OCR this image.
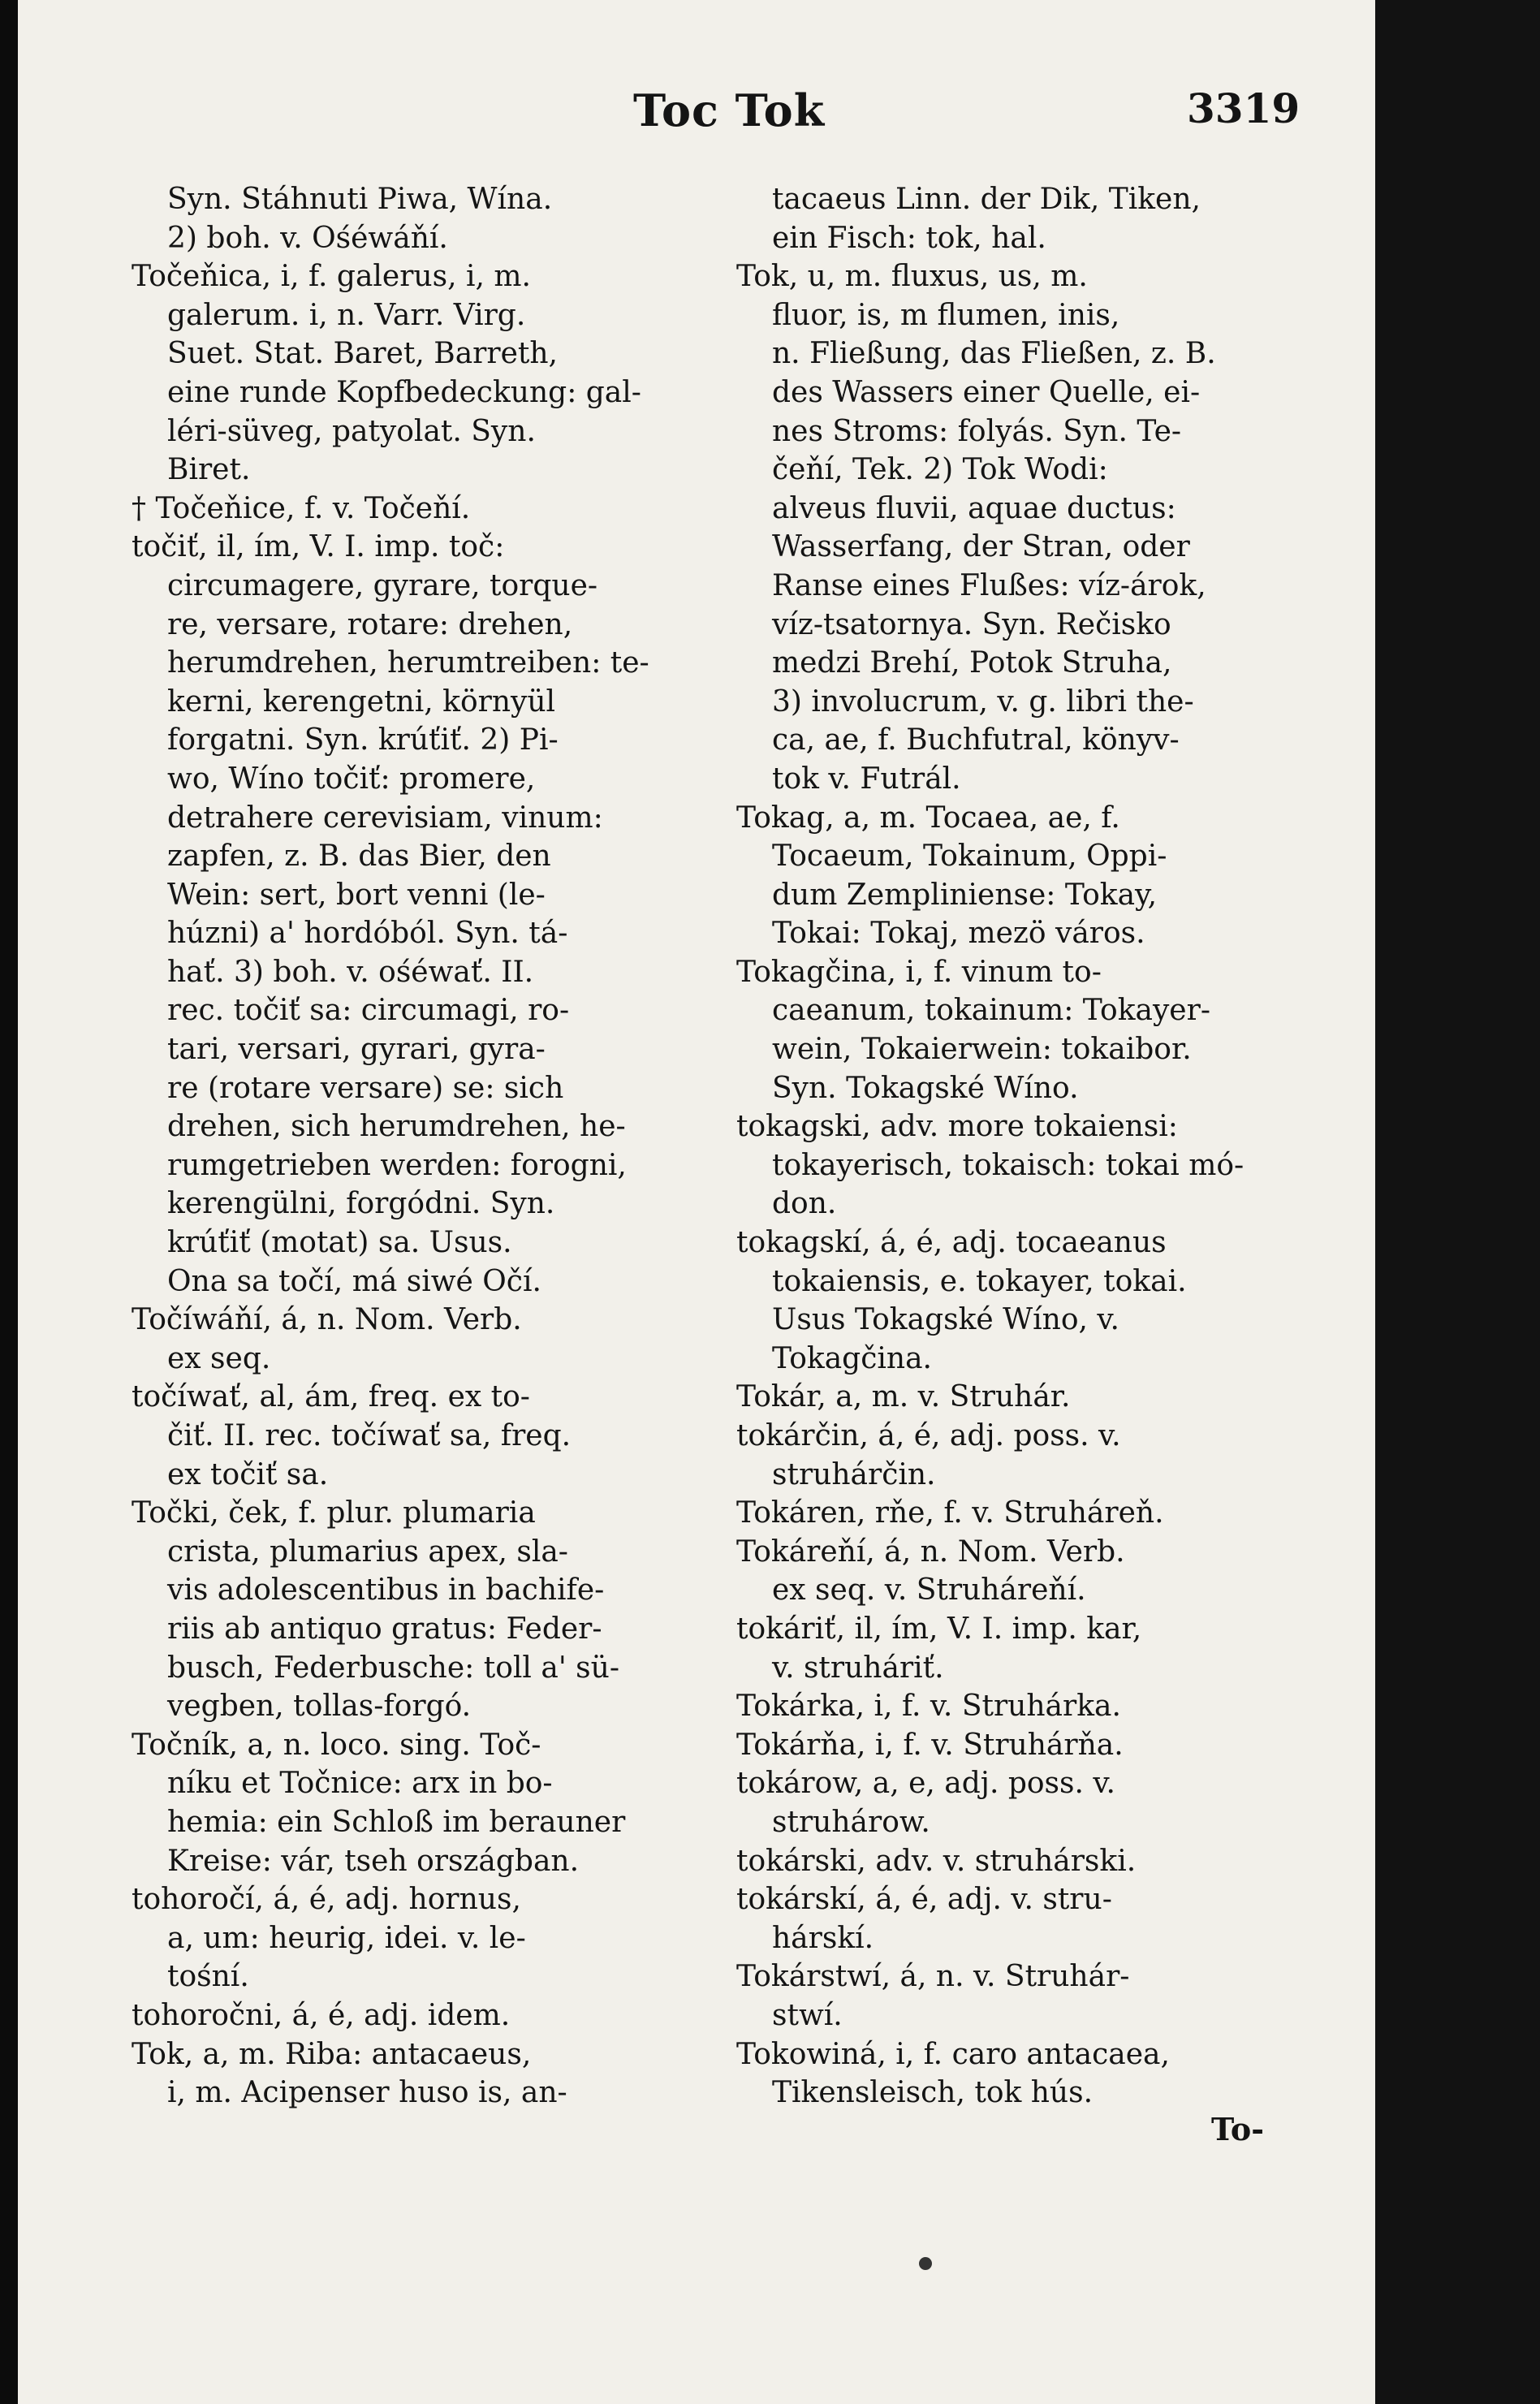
Toc Tok	3319
Syn. Stáhnuti Piwa, Wína.
2) boh. v. Ośéwáňí.
Točeňica, i, f. galerus, i, m.
galerum. i, n. Varr. Virg.
Suet. Stat. Baret, Barreth,
eine runde Kopfbedeckung: gal-
léri-süveg, patyolat. Syn.
Biret.
† Točeňice, f. v. Točeňí.
točiť, il, ím, V. I. imp. toč:
circumagere, gyrare, torque-
re, versare, rotare: drehen,
herumdrehen, herumtreiben: te-
kerni, kerengetni, környül
forgatni. Syn. krúťiť. 2) Pi-
wo, Wíno točiť: promere,
detrahere cerevisiam, vinum:
zapfen, z. B. das Bier, den
Wein: sert, bort venni (le-
húzni) a' hordóból. Syn. tá-
hať. 3) boh. v. ośéwať. II.
rec. točiť sa: circumagi, ro-
tari, versari, gyrari, gyra-
re (rotare versare) se: sich
drehen, sich herumdrehen, he-
rumgetrieben werden: forogni,
kerengülni, forgódni. Syn.
krúťiť (motat) sa. Usus.
Ona sa točí, má siwé Očí.
Točíwáňí, á, n. Nom. Verb.
ex seq.
točíwať, al, ám, freq. ex to-
čiť. II. rec. točíwať sa, freq.
ex točiť sa.
Točki, ček, f. plur. plumaria
crista, plumarius apex, sla-
vis adolescentibus in bachife-
riis ab antiquo gratus: Feder-
busch, Federbusche: toll a' sü-
vegben, tollas-forgó.
Točník, a, n. loco. sing. Toč-
níku et Točnice: arx in bo-
hemia: ein Schloß im berauner
Kreise: vár, tseh országban.
tohoročí, á, é, adj. hornus,
a, um: heurig, idei. v. le-
tośní.
tohoročni, á, é, adj. idem.
Tok, a, m. Riba: antacaeus,
i, m. Acipenser huso is, an-
tacaeus Linn. der Dik, Tiken,
ein Fisch: tok, hal.
Tok, u, m. fluxus, us, m.
fluor, is, m flumen, inis,
n. Fließung, das Fließen, z. B.
des Wassers einer Quelle, ei-
nes Stroms: folyás. Syn. Te-
čeňí, Tek. 2) Tok Wodi:
alveus fluvii, aquae ductus:
Wasserfang, der Stran, oder
Ranse eines Flußes: víz-árok,
víz-tsatornya. Syn. Rečisko
medzi Brehí, Potok Struha,
3) involucrum, v. g. libri the-
ca, ae, f. Buchfutral, könyv-
tok v. Futrál.
Tokag, a, m. Tocaea, ae, f.
Tocaeum, Tokainum, Oppi-
dum Zempliniense: Tokay,
Tokai: Tokaj, mezö város.
Tokagčina, i, f. vinum to-
caeanum, tokainum: Tokayer-
wein, Tokaierwein: tokaibor.
Syn. Tokagské Wíno.
tokagski, adv. more tokaiensi:
tokayerisch, tokaisch: tokai mó-
don.
tokagskí, á, é, adj. tocaeanus
tokaiensis, e. tokayer, tokai.
Usus Tokagské Wíno, v.
Tokagčina.
Tokár, a, m. v. Struhár.
tokárčin, á, é, adj. poss. v.
struhárčin.
Tokáren, rňe, f. v. Struháreň.
Tokáreňí, á, n. Nom. Verb.
ex seq. v. Struháreňí.
tokáriť, il, ím, V. I. imp. kar,
v. struháriť.
Tokárka, i, f. v. Struhárka.
Tokárňa, i, f. v. Struhárňa.
tokárow, a, e, adj. poss. v.
struhárow.
tokárski, adv. v. struhárski.
tokárskí, á, é, adj. v. stru-
hárskí.
Tokárstwí, á, n. v. Struhár-
stwí.
Tokowiná, i, f. caro antacaea,
Tikensleisch, tok hús.
To-
